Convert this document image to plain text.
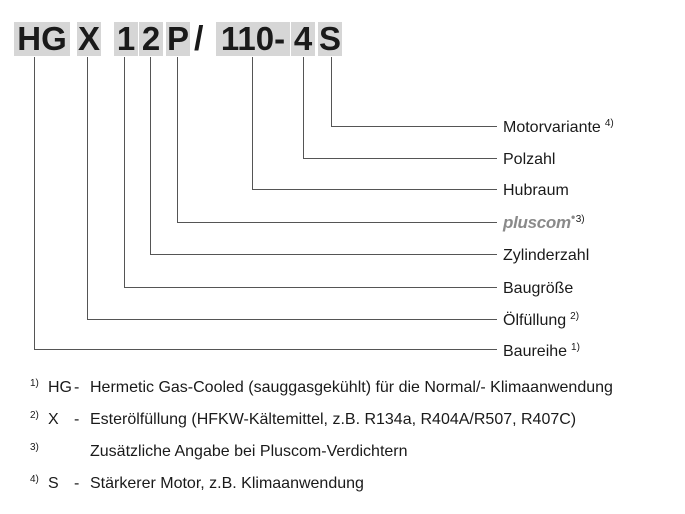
HG X 1 2 P / 110- 4 S
Motorvariante $^{4)}$
Polzahl
Hubraum
pluscom$^{•3)}$
Zylinderzahl
Baugröße
Ölfüllung $^{2)}$
Baureihe $^{1)}$
1) HG - Hermetic Gas-Cooled (sauggasgekühlt) für die Normal/- Klimaanwendung
2) X - Esterölfüllung (HFKW-Kältemittel, z.B. R134a, R404A/R507, R407C)
3)	Zusätzliche Angabe bei Pluscom-Verdichtern
4) S - Stärkerer Motor, z.B. Klimaanwendung
